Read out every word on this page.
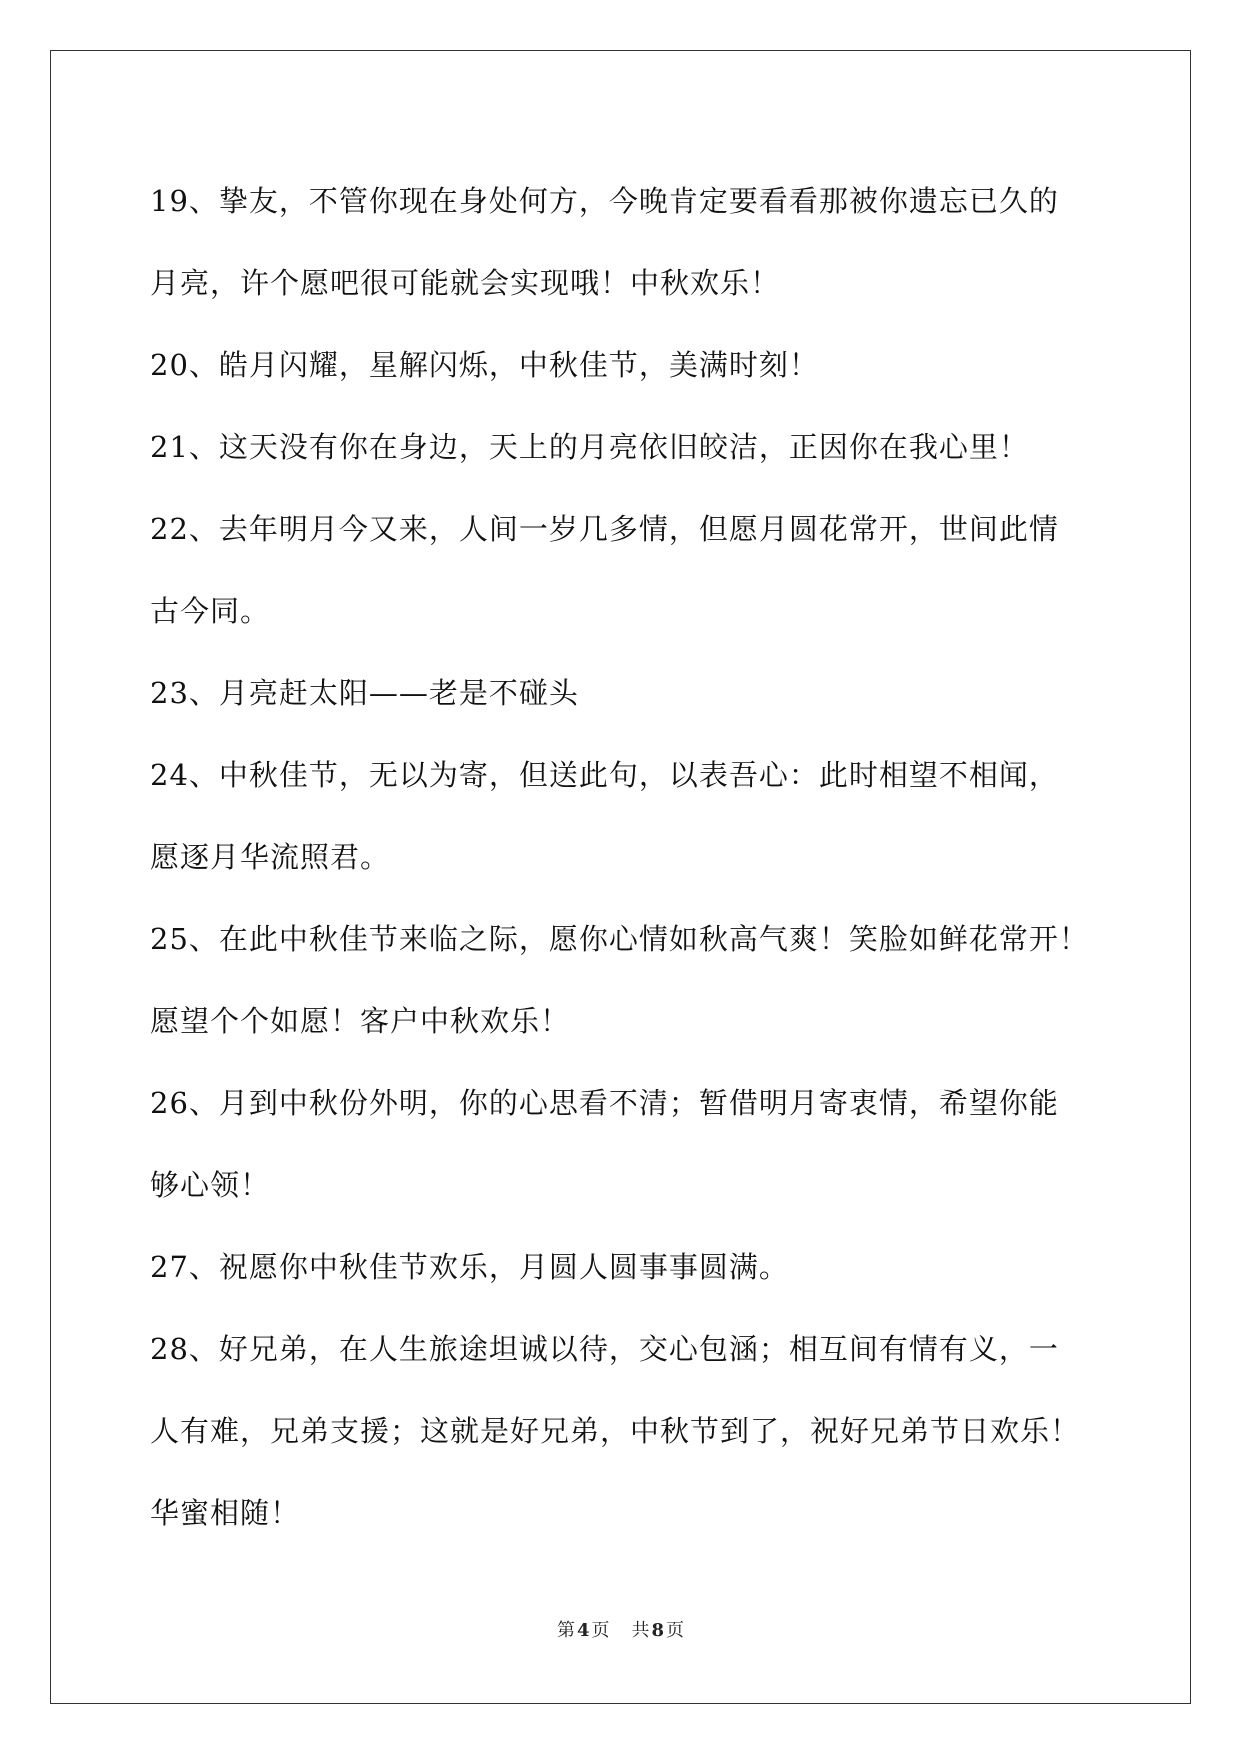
19、挚友，不管你现在身处何方，今晚肯定要看看那被你遗忘已久的
月亮，许个愿吧很可能就会实现哦！中秋欢乐！
20、皓月闪耀，星解闪烁，中秋佳节，美满时刻！
21、这天没有你在身边，天上的月亮依旧皎洁，正因你在我心里！
22、去年明月今又来，人间一岁几多情，但愿月圆花常开，世间此情
古今同。
23、月亮赶太阳——老是不碰头
24、中秋佳节，无以为寄，但送此句，以表吾心：此时相望不相闻，
愿逐月华流照君。
25、在此中秋佳节来临之际，愿你心情如秋高气爽！笑脸如鲜花常开！
愿望个个如愿！客户中秋欢乐！
26、月到中秋份外明，你的心思看不清；暂借明月寄衷情，希望你能
够心领！
27、祝愿你中秋佳节欢乐，月圆人圆事事圆满。
28、好兄弟，在人生旅途坦诚以待，交心包涵；相互间有情有义，一
人有难，兄弟支援；这就是好兄弟，中秋节到了，祝好兄弟节日欢乐！
华蜜相随！
第 4 页 共 8 页
